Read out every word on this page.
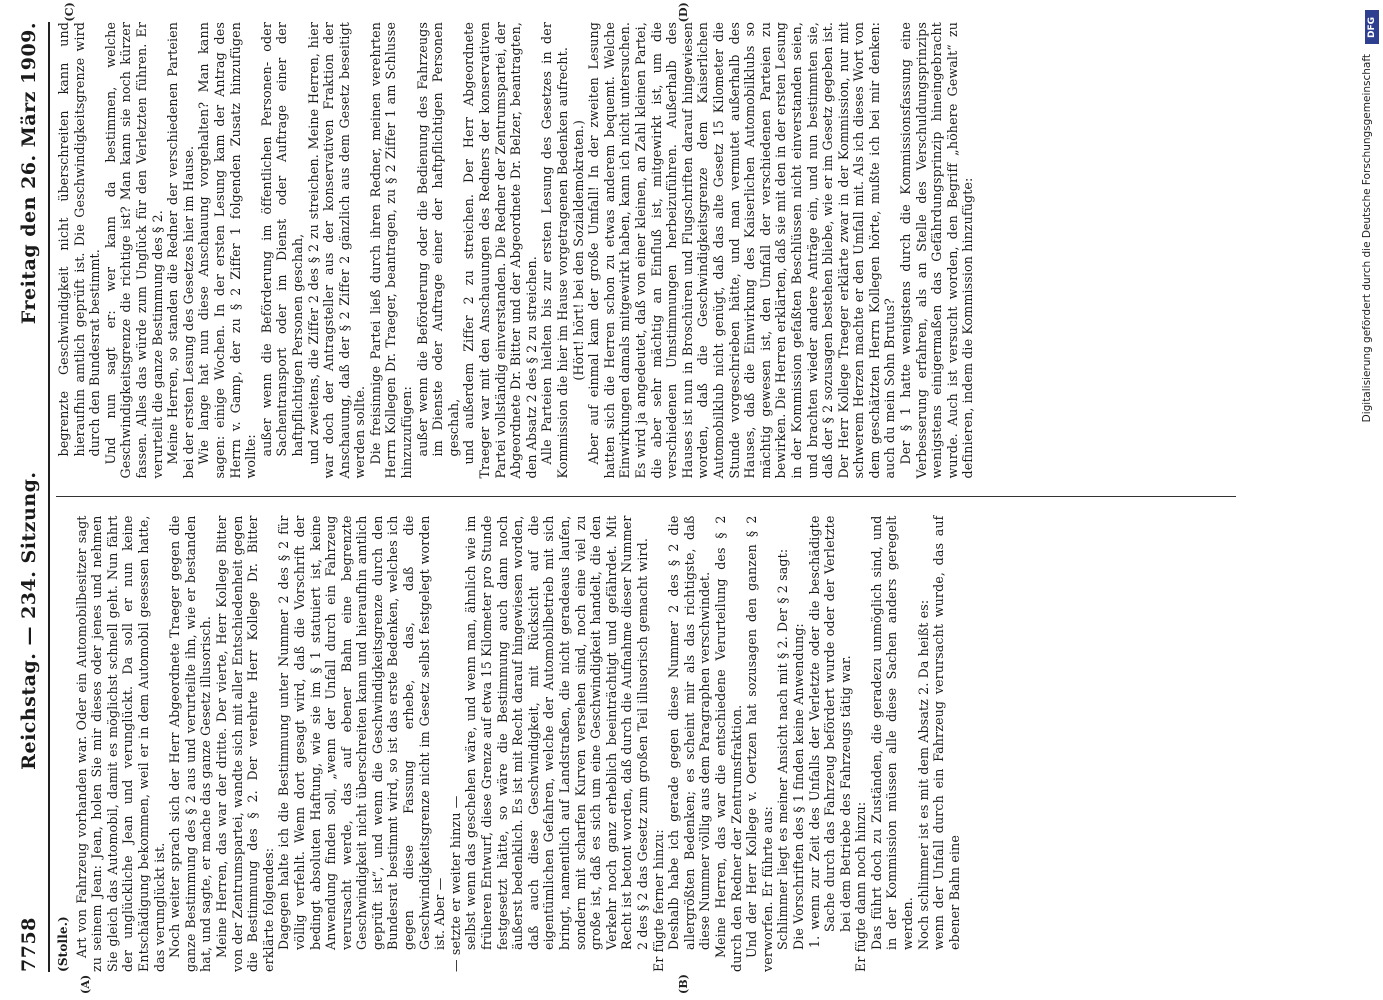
7758
Reichstag. — 234. Sitzung.
Freitag den 26. März 1909.
(Stolle.)
(A)	(B)

Art von Fahrzeug vorhanden war. Oder ein Automobilbesitzer sagt zu seinem Jean: Jean, holen Sie mir dieses oder jenes und nehmen Sie gleich das Automobil, damit es möglichst schnell geht. Nun fährt der unglückliche Jean und verunglückt. Da soll er nun keine Entschädigung bekommen, weil er in dem Automobil gesessen hatte, das verunglückt ist. Noch weiter sprach sich der Herr Abgeordnete Traeger gegen die ganze Bestimmung des § 2 aus und verurteilte ihn, wie er bestanden hat, und sagte, er mache das ganze Gesetz illusorisch. Meine Herren, das war der dritte. Der vierte, Herr Kollege Bitter von der Zentrumspartei, wandte sich mit aller Entschiedenheit gegen die Bestimmung des § 2. Der verehrte Herr Kollege Dr. Bitter erklärte folgendes: Dagegen halte ich die Bestimmung unter Nummer 2 des § 2 für völlig verfehlt. Wenn dort gesagt wird, daß die Vorschrift der bedingt absoluten Haftung, wie sie im § 1 statuiert ist, keine Anwendung finden soll, „wenn der Unfall durch ein Fahrzeug verursacht werde, das auf ebener Bahn eine begrenzte Geschwindigkeit nicht überschreiten kann und hieraufhin amtlich geprüft ist“, und wenn die Geschwindigkeitsgrenze durch den Bundesrat bestimmt wird, so ist das erste Bedenken, welches ich gegen diese Fassung erhebe, das, daß die Geschwindigkeitsgrenze nicht im Gesetz selbst festgelegt worden ist. Aber — — setzte er weiter hinzu — selbst wenn das geschehen wäre, und wenn man, ähnlich wie im früheren Entwurf, diese Grenze auf etwa 15 Kilometer pro Stunde festgesetzt hätte, so wäre die Bestimmung auch dann noch äußerst bedenklich. Es ist mit Recht darauf hingewiesen worden, daß auch diese Geschwindigkeit, mit Rücksicht auf die eigentümlichen Gefahren, welche der Automobilbetrieb mit sich bringt, namentlich auf Landstraßen, die nicht geradeaus laufen, sondern mit scharfen Kurven versehen sind, noch eine viel zu große ist, daß es sich um eine Geschwindigkeit handelt, die den Verkehr noch ganz erheblich beeinträchtigt und gefährdet. Mit Recht ist betont worden, daß durch die Aufnahme dieser Nummer 2 des § 2 das Gesetz zum großen Teil illusorisch gemacht wird. Er fügte ferner hinzu: Deshalb habe ich gerade gegen diese Nummer 2 des § 2 die allergrößten Bedenken; es scheint mir als das richtigste, daß diese Nummer völlig aus dem Paragraphen verschwindet. Meine Herren, das war die entschiedene Verurteilung des § 2 durch den Redner der Zentrumsfraktion. Und der Herr Kollege v. Oertzen hat sozusagen den ganzen § 2 verworfen. Er führte aus: Schlimmer liegt es meiner Ansicht nach mit § 2. Der § 2 sagt: Die Vorschriften des § 1 finden keine Anwendung: 1. wenn zur Zeit des Unfalls der Verletzte oder die beschädigte Sache durch das Fahrzeug befördert wurde oder der Verletzte bei dem Betriebe des Fahrzeugs tätig war. Er fügte dann noch hinzu: Das führt doch zu Zuständen, die geradezu unmöglich sind, und in der Kommission müssen alle diese Sachen anders geregelt werden. Noch schlimmer ist es mit dem Absatz 2. Da heißt es: wenn der Unfall durch ein Fahrzeug verursacht wurde, das auf ebener Bahn eine

(C)	(D)

begrenzte Geschwindigkeit nicht überschreiten kann und hieraufhin amtlich geprüft ist. Die Geschwindigkeitsgrenze wird durch den Bundesrat bestimmt. Und nun sagt er: wer kann da bestimmen, welche Geschwindigkeitsgrenze die richtige ist? Man kann sie noch kürzer fassen. Alles das würde zum Unglück für den Verletzten führen. Er verurteilt die ganze Bestimmung des § 2. Meine Herren, so standen die Redner der verschiedenen Parteien bei der ersten Lesung des Gesetzes hier im Hause. Wie lange hat nun diese Anschauung vorgehalten? Man kann sagen: einige Wochen. In der ersten Lesung kam der Antrag des Herrn v. Gamp, der zu § 2 Ziffer 1 folgenden Zusatz hinzufügen wollte: außer wenn die Beförderung im öffentlichen Personen- oder Sachentransport oder im Dienst oder Auftrage einer der haftpflichtigen Personen geschah, und zweitens, die Ziffer 2 des § 2 zu streichen. Meine Herren, hier war doch der Antragsteller aus der konservativen Fraktion der Anschauung, daß der § 2 Ziffer 2 gänzlich aus dem Gesetz beseitigt werden sollte. Die freisinnige Partei ließ durch ihren Redner, meinen verehrten Herrn Kollegen Dr. Traeger, beantragen, zu § 2 Ziffer 1 am Schlusse hinzuzufügen: außer wenn die Beförderung oder die Bedienung des Fahrzeugs im Dienste oder Auftrage einer der haftpflichtigen Personen geschah, und außerdem Ziffer 2 zu streichen. Der Herr Abgeordnete Traeger war mit den Anschauungen des Redners der konservativen Partei vollständig einverstanden. Die Redner der Zentrumspartei, der Abgeordnete Dr. Bitter und der Abgeordnete Dr. Belzer, beantragten, den Absatz 2 des § 2 zu streichen. Alle Parteien hielten bis zur ersten Lesung des Gesetzes in der Kommission die hier im Hause vorgetragenen Bedenken aufrecht. (Hört! hört! bei den Sozialdemokraten.) Aber auf einmal kam der große Umfall! In der zweiten Lesung hatten sich die Herren schon zu etwas anderem bequemt. Welche Einwirkungen damals mitgewirkt haben, kann ich nicht untersuchen. Es wird ja angedeutet, daß von einer kleinen, an Zahl kleinen Partei, die aber sehr mächtig an Einfluß ist, mitgewirkt ist, um die verschiedenen Umstimmungen herbeizuführen. Außerhalb des Hauses ist nun in Broschüren und Flugschriften darauf hingewiesen worden, daß die Geschwindigkeitsgrenze dem Kaiserlichen Automobilklub nicht genügt, daß das alte Gesetz 15 Kilometer die Stunde vorgeschrieben hätte, und man vermutet außerhalb des Hauses, daß die Einwirkung des Kaiserlichen Automobilklubs so mächtig gewesen ist, den Umfall der verschiedenen Parteien zu bewirken. Die Herren erklärten, daß sie mit den in der ersten Lesung in der Kommission gefaßten Beschlüssen nicht einverstanden seien, und brachten wieder andere Anträge ein, und nun bestimmten sie, daß der § 2 sozusagen bestehen bliebe, wie er im Gesetz gegeben ist. Der Herr Kollege Traeger erklärte zwar in der Kommission, nur mit schwerem Herzen machte er den Umfall mit. Als ich dieses Wort von dem geschätzten Herrn Kollegen hörte, mußte ich bei mir denken: auch du mein Sohn Brutus? Der § 1 hatte wenigstens durch die Kommissionsfassung eine Verbesserung erfahren, als an Stelle des Verschuldungsprinzips wenigstens einigermaßen das Gefährdungsprinzip hineingebracht wurde. Auch ist versucht worden, den Begriff „höhere Gewalt“ zu definieren, indem die Kommission hinzufügte:

DFG
Digitalisierung gefördert durch die Deutsche Forschungsgemeinschaft
